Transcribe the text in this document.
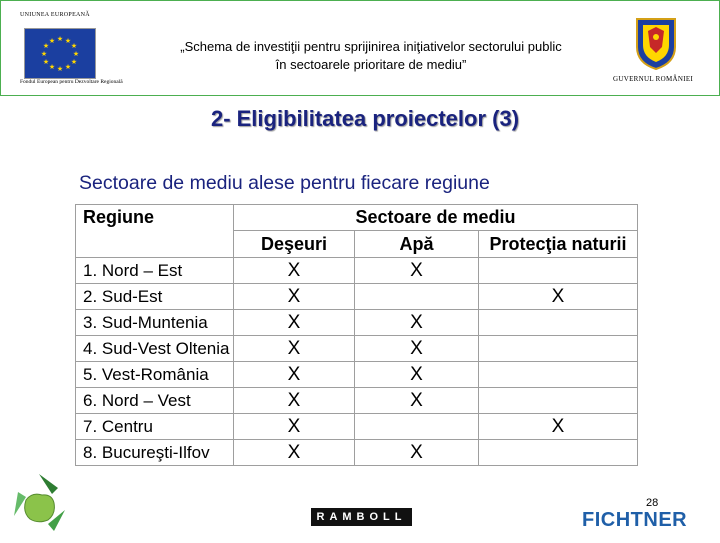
UNIUNEA EUROPEANĂ
★ ★
★
★
★
★
★
★
★
★
★
★
Fondul European pentru Dezvoltare Regională
„Schema de investiţii pentru sprijinirea iniţiativelor sectorului public
în sectoarele prioritare de mediu”
GUVERNUL ROMÂNIEI
2- Eligibilitatea proiectelor (3)
Sectoare de mediu alese pentru fiecare regiune
Regiune	Sectoare de mediu		
	Deşeuri	Apă	Protecţia naturii
1. Nord – Est	X	X	
2. Sud-Est	X		X
3. Sud-Muntenia	X	X	
4. Sud-Vest Oltenia	X	X	
5. Vest-România	X	X	
6. Nord – Vest	X	X	
7. Centru	X		X
8. Bucureşti-Ilfov	X	X	
28
RAMBOLL	FICHTNER
